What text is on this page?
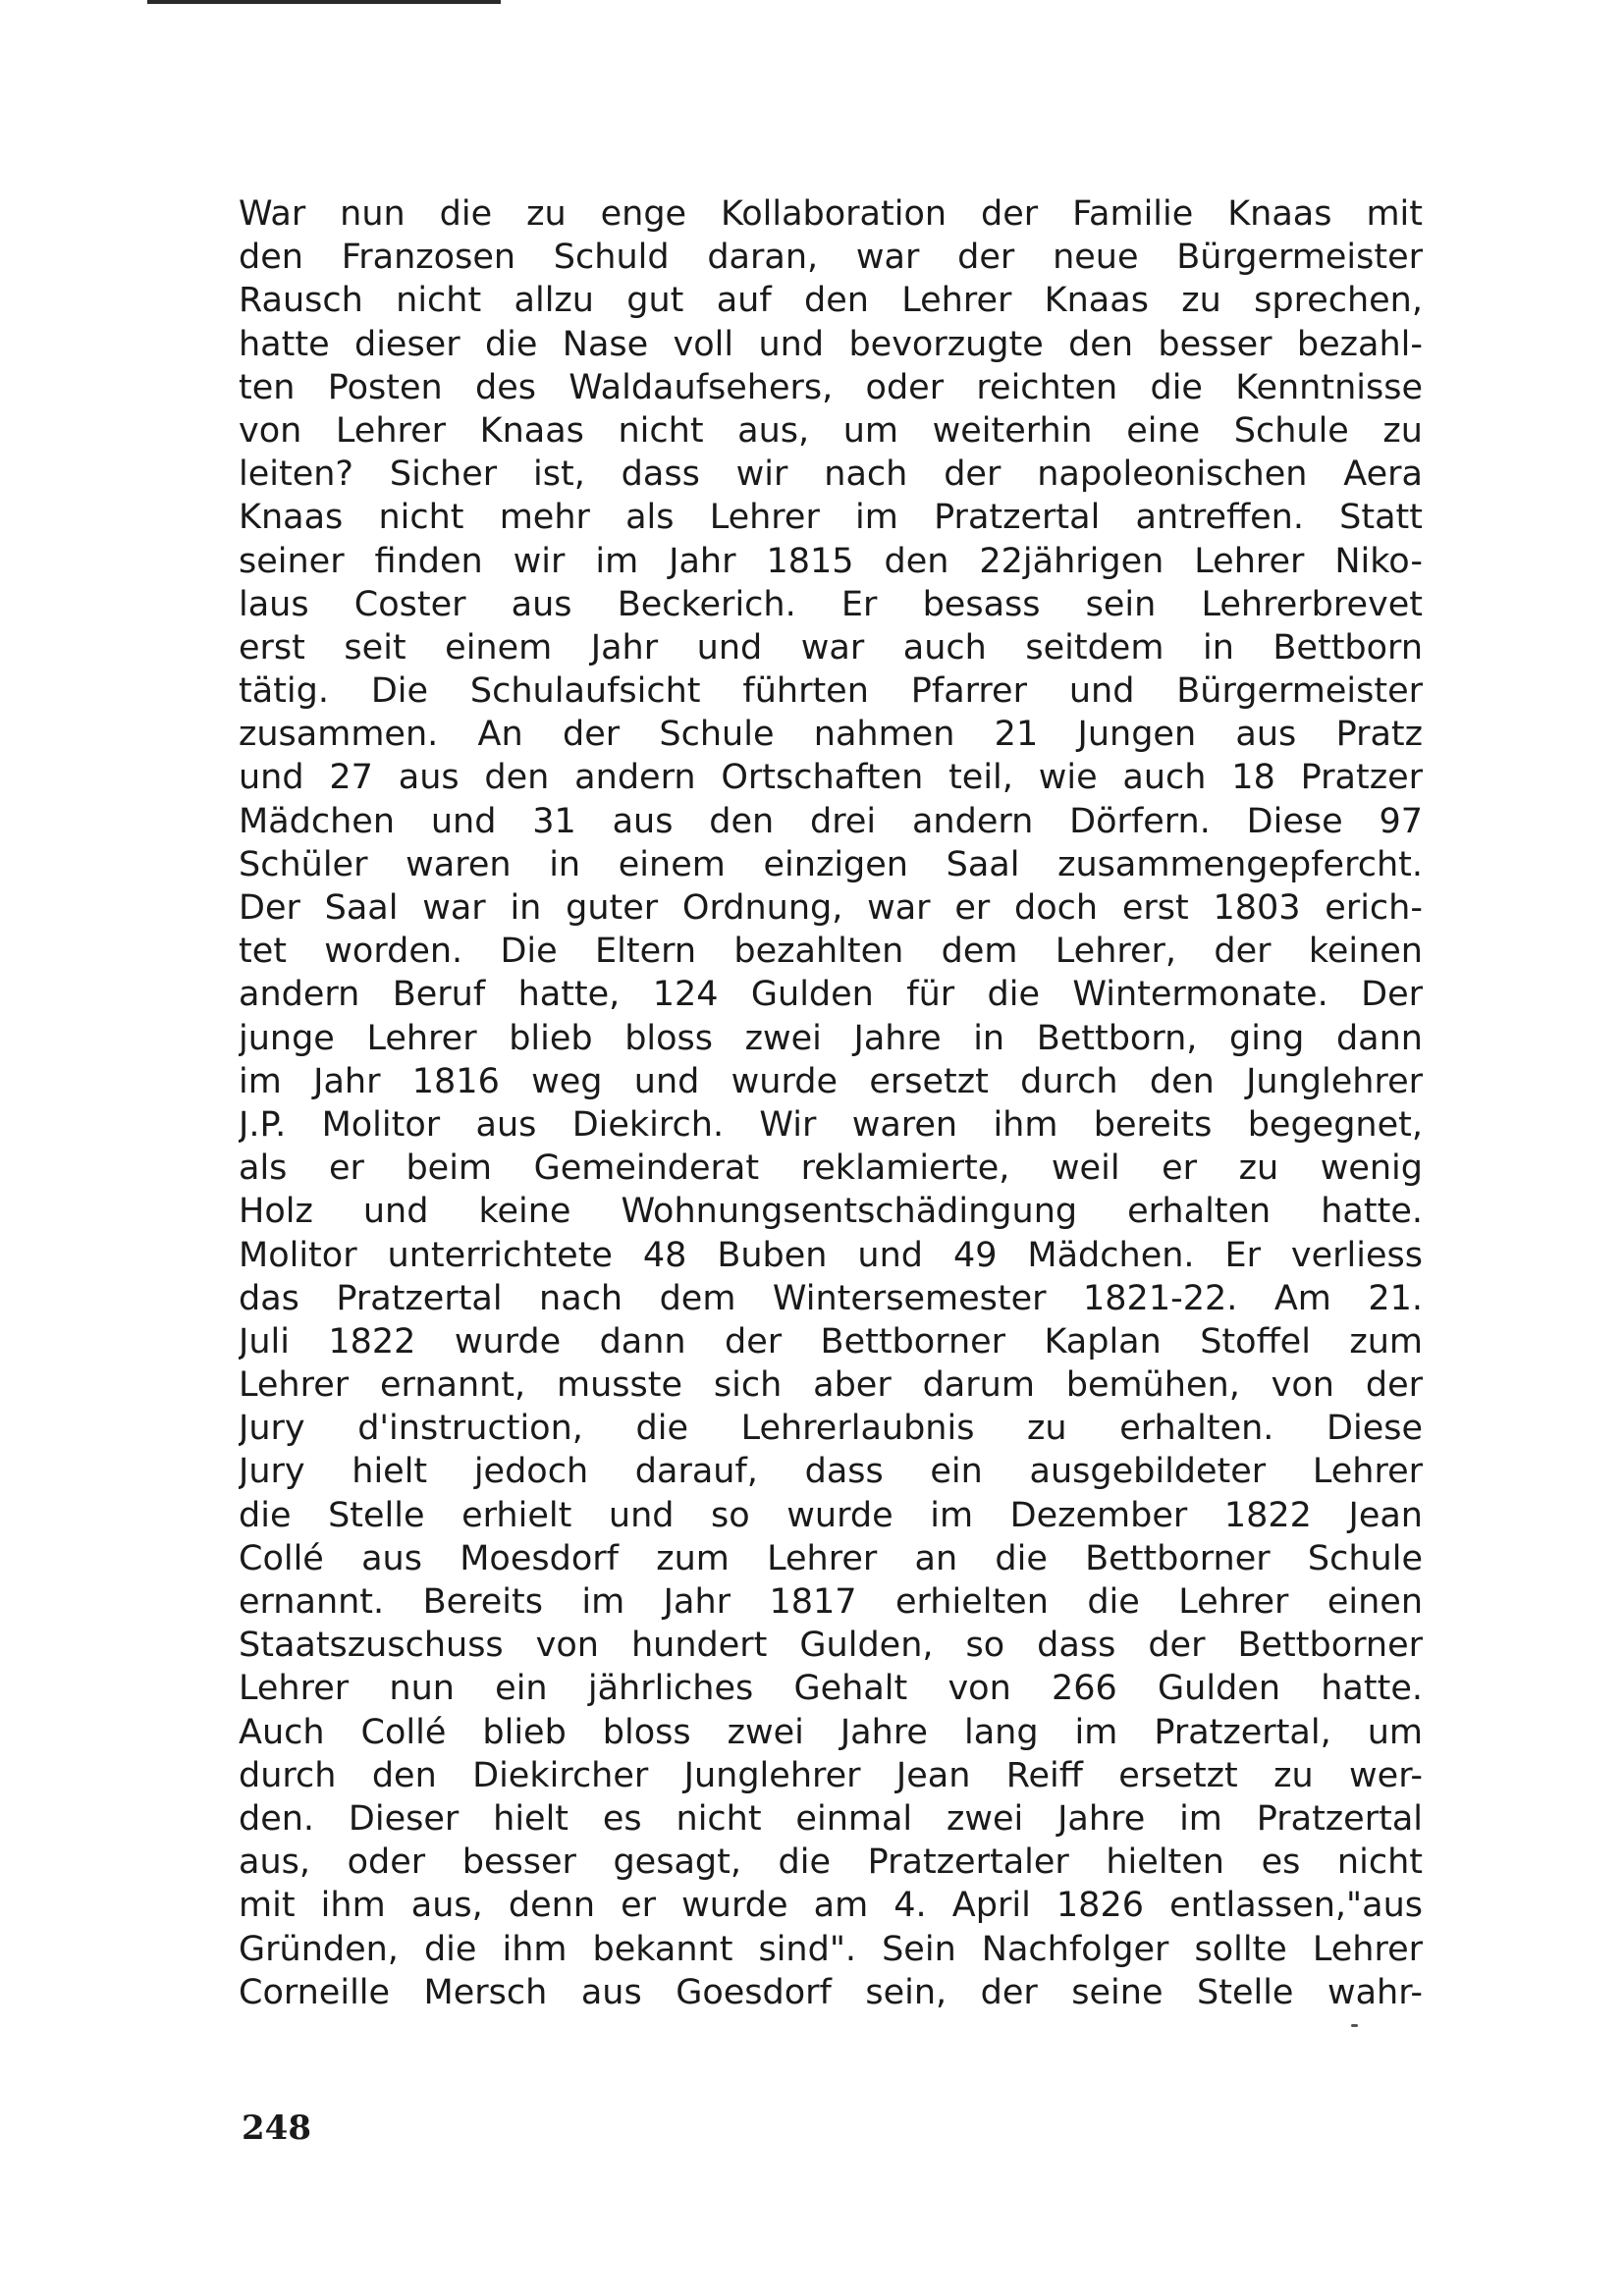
War nun die zu enge Kollaboration der Familie Knaas mit
den Franzosen Schuld daran, war der neue Bürgermeister
Rausch nicht allzu gut auf den Lehrer Knaas zu sprechen,
hatte dieser die Nase voll und bevorzugte den besser bezahl-
ten Posten des Waldaufsehers, oder reichten die Kenntnisse
von Lehrer Knaas nicht aus, um weiterhin eine Schule zu
leiten? Sicher ist, dass wir nach der napoleonischen Aera
Knaas nicht mehr als Lehrer im Pratzertal antreffen. Statt
seiner finden wir im Jahr 1815 den 22jährigen Lehrer Niko-
laus Coster aus Beckerich. Er besass sein Lehrerbrevet
erst seit einem Jahr und war auch seitdem in Bettborn
tätig. Die Schulaufsicht führten Pfarrer und Bürgermeister
zusammen. An der Schule nahmen 21 Jungen aus Pratz
und 27 aus den andern Ortschaften teil, wie auch 18 Pratzer
Mädchen und 31 aus den drei andern Dörfern. Diese 97
Schüler waren in einem einzigen Saal zusammengepfercht.
Der Saal war in guter Ordnung, war er doch erst 1803 erich-
tet worden. Die Eltern bezahlten dem Lehrer, der keinen
andern Beruf hatte, 124 Gulden für die Wintermonate. Der
junge Lehrer blieb bloss zwei Jahre in Bettborn, ging dann
im Jahr 1816 weg und wurde ersetzt durch den Junglehrer
J.P. Molitor aus Diekirch. Wir waren ihm bereits begegnet,
als er beim Gemeinderat reklamierte, weil er zu wenig
Holz und keine Wohnungsentschädingung erhalten hatte.
Molitor unterrichtete 48 Buben und 49 Mädchen. Er verliess
das Pratzertal nach dem Wintersemester 1821-22. Am 21.
Juli 1822 wurde dann der Bettborner Kaplan Stoffel zum
Lehrer ernannt, musste sich aber darum bemühen, von der
Jury d'instruction, die Lehrerlaubnis zu erhalten. Diese
Jury hielt jedoch darauf, dass ein ausgebildeter Lehrer
die Stelle erhielt und so wurde im Dezember 1822 Jean
Collé aus Moesdorf zum Lehrer an die Bettborner Schule
ernannt. Bereits im Jahr 1817 erhielten die Lehrer einen
Staatszuschuss von hundert Gulden, so dass der Bettborner
Lehrer nun ein jährliches Gehalt von 266 Gulden hatte.
Auch Collé blieb bloss zwei Jahre lang im Pratzertal, um
durch den Diekircher Junglehrer Jean Reiff ersetzt zu wer-
den. Dieser hielt es nicht einmal zwei Jahre im Pratzertal
aus, oder besser gesagt, die Pratzertaler hielten es nicht
mit ihm aus, denn er wurde am 4. April 1826 entlassen,"aus
Gründen, die ihm bekannt sind". Sein Nachfolger sollte Lehrer
Corneille Mersch aus Goesdorf sein, der seine Stelle wahr-

248
